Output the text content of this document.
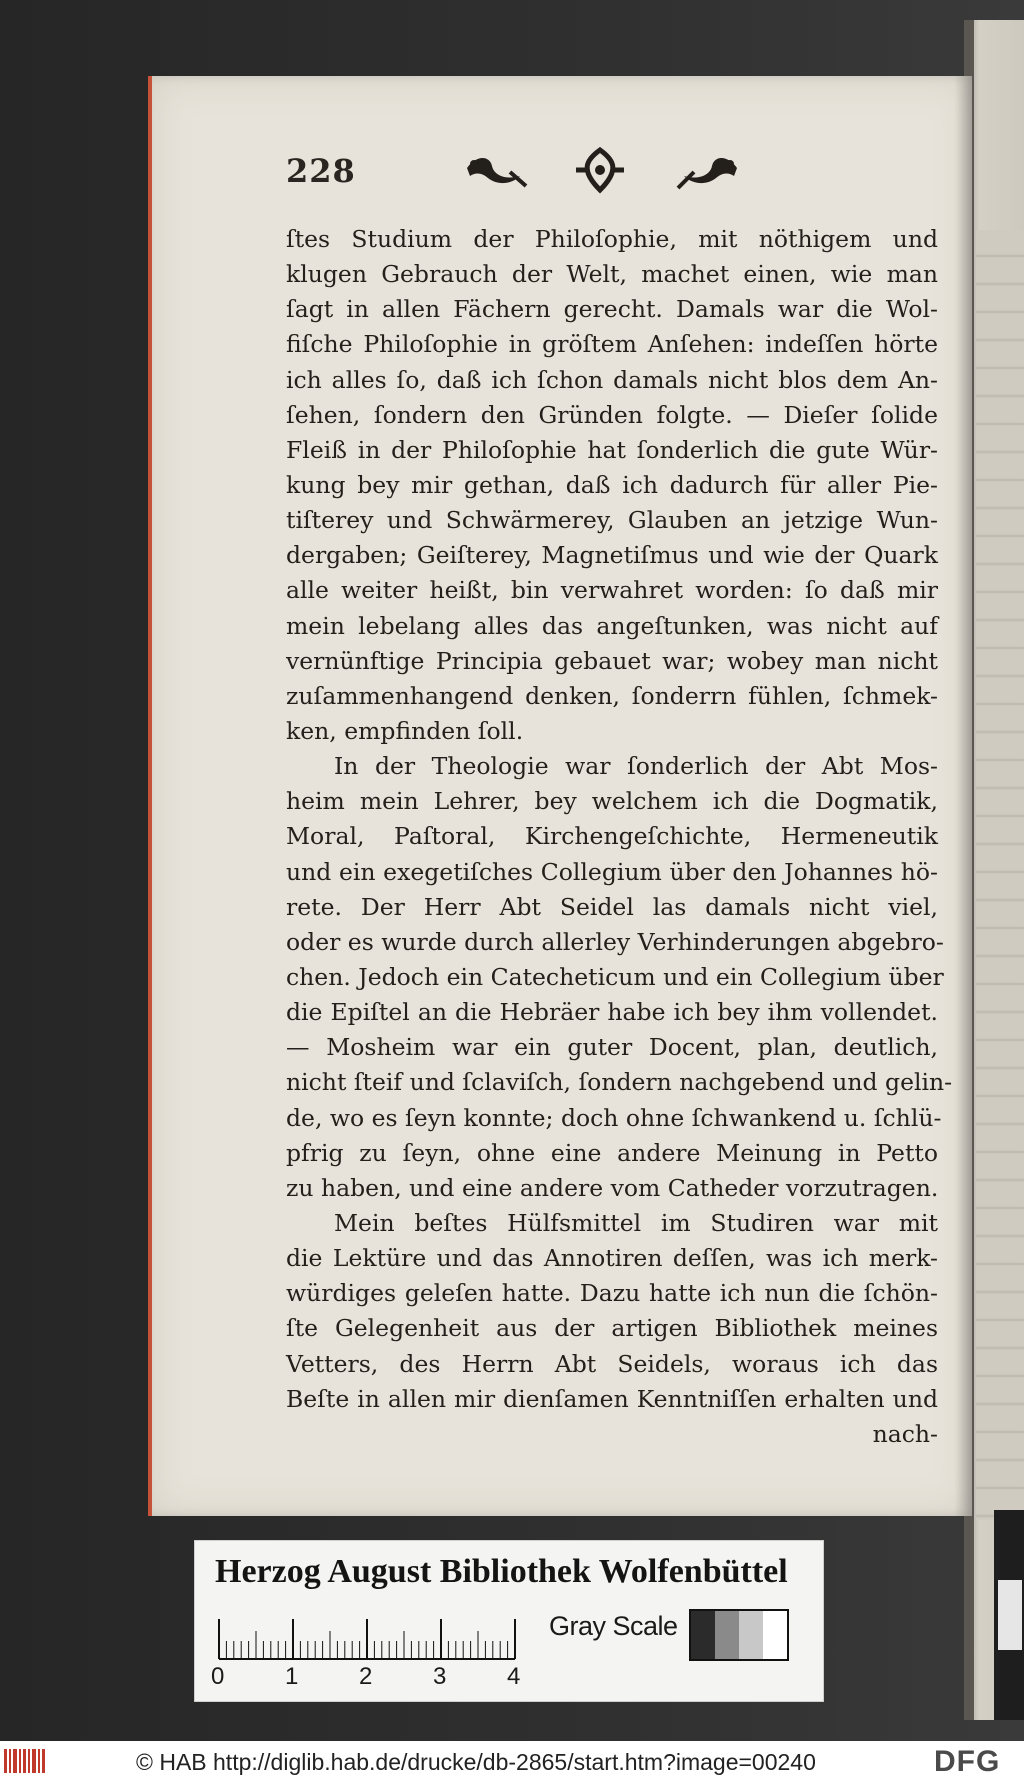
228
ſtes Studium der Philoſophie, mit nöthigem und
klugen Gebrauch der Welt, machet einen, wie man
ſagt in allen Fächern gerecht. Damals war die Wol-
fiſche Philoſophie in gröſtem Anſehen: indeſſen hörte
ich alles ſo, daß ich ſchon damals nicht blos dem An-
ſehen, ſondern den Gründen folgte. — Dieſer ſolide
Fleiß in der Philoſophie hat ſonderlich die gute Wür-
kung bey mir gethan, daß ich dadurch für aller Pie-
tiſterey und Schwärmerey, Glauben an jetzige Wun-
dergaben; Geiſterey, Magnetiſmus und wie der Quark
alle weiter heißt, bin verwahret worden: ſo daß mir
mein lebelang alles das angeſtunken, was nicht auf
vernünftige Principia gebauet war; wobey man nicht
zuſammenhangend denken, ſonderrn fühlen, ſchmek-
ken, empfinden ſoll.
In der Theologie war ſonderlich der Abt Mos-
heim mein Lehrer, bey welchem ich die Dogmatik,
Moral, Paſtoral, Kirchengeſchichte, Hermeneutik
und ein exegetiſches Collegium über den Johannes hö-
rete. Der Herr Abt Seidel las damals nicht viel,
oder es wurde durch allerley Verhinderungen abgebro-
chen. Jedoch ein Catecheticum und ein Collegium über
die Epiſtel an die Hebräer habe ich bey ihm vollendet.
— Mosheim war ein guter Docent, plan, deutlich,
nicht ſteif und ſclaviſch, ſondern nachgebend und gelin-
de, wo es ſeyn konnte; doch ohne ſchwankend u. ſchlü-
pfrig zu ſeyn, ohne eine andere Meinung in Petto
zu haben, und eine andere vom Catheder vorzutragen.
Mein beſtes Hülfsmittel im Studiren war mit
die Lektüre und das Annotiren deſſen, was ich merk-
würdiges geleſen hatte. Dazu hatte ich nun die ſchön-
ſte Gelegenheit aus der artigen Bibliothek meines
Vetters, des Herrn Abt Seidels, woraus ich das
Beſte in allen mir dienſamen Kenntniſſen erhalten und
nach-
Herzog August Bibliothek Wolfenbüttel
0	1	2	3	4
Gray Scale
© HAB http://diglib.hab.de/drucke/db-2865/start.htm?image=00240	DFG
